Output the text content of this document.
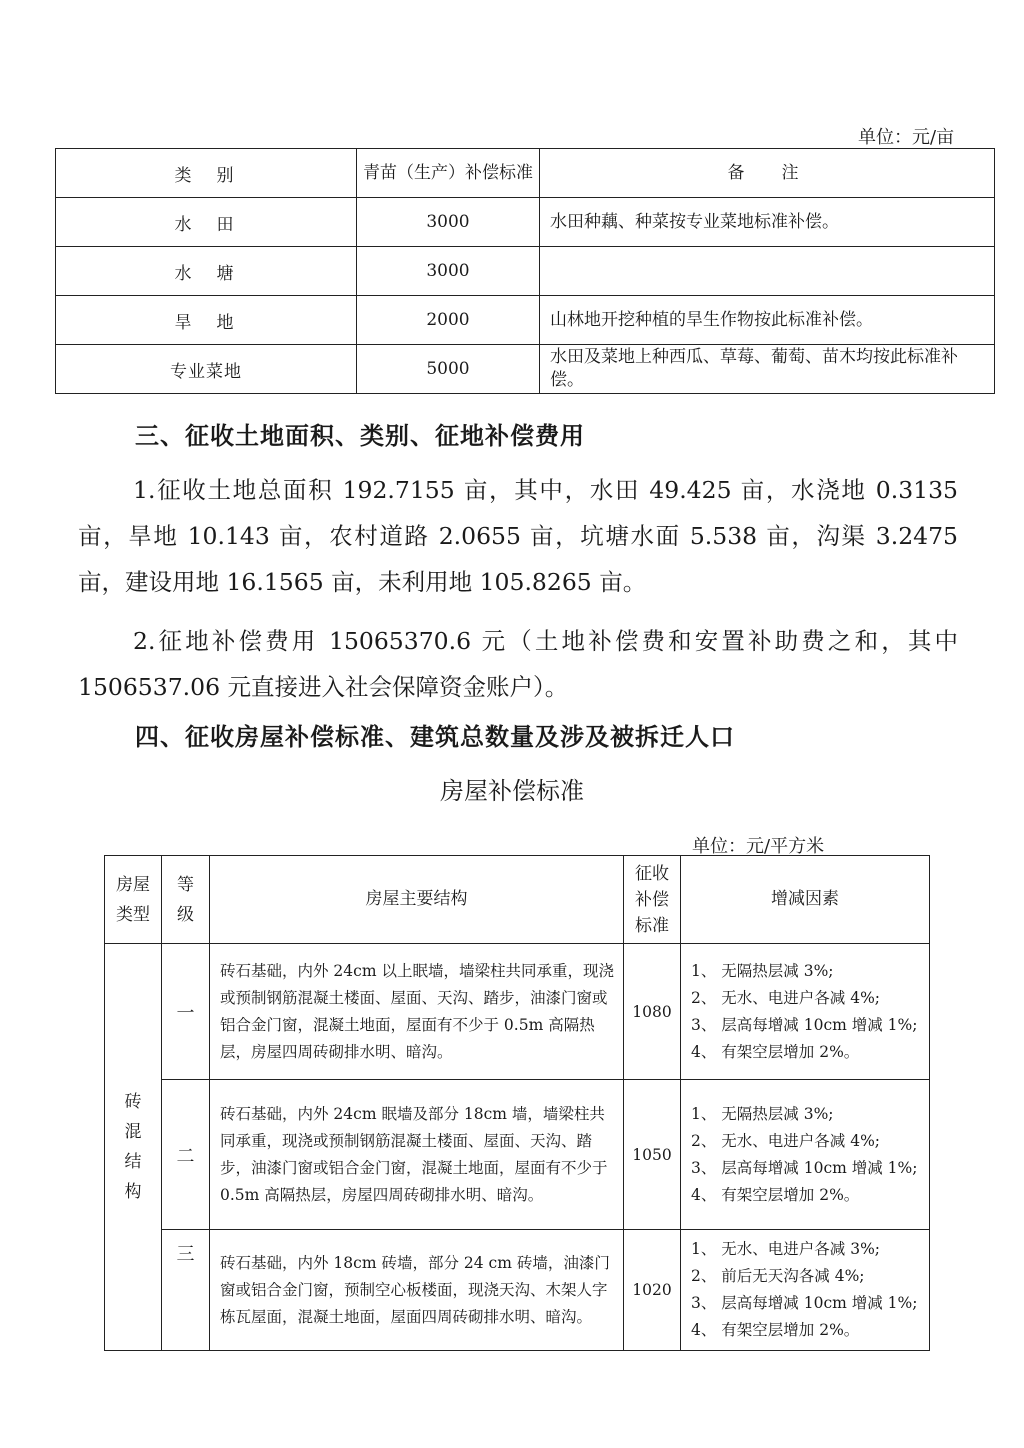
单位：元/亩
类　别	青苗（生产）补偿标准	备　注
水　田	3000	水田种藕、种菜按专业菜地标准补偿。
水　塘	3000	
旱　地	2000	山林地开挖种植的旱生作物按此标准补偿。
专业菜地	5000	水田及菜地上种西瓜、草莓、葡萄、苗木均按此标准补偿。
三、征收土地面积、类别、征地补偿费用
1.征收土地总面积 192.7155 亩，其中，水田 49.425 亩，水浇地 0.3135 亩，旱地 10.143 亩，农村道路 2.0655 亩，坑塘水面 5.538 亩，沟渠 3.2475 亩，建设用地 16.1565 亩，未利用地 105.8265 亩。
2.征地补偿费用 15065370.6 元（土地补偿费和安置补助费之和，其中 1506537.06 元直接进入社会保障资金账户）。
四、征收房屋补偿标准、建筑总数量及涉及被拆迁人口
房屋补偿标准
单位：元/平方米
房屋类型	等级	房屋主要结构	征收补偿标准	增减因素
砖混结构	一	砖石基础，内外 24cm 以上眠墙，墙梁柱共同承重，现浇或预制钢筋混凝土楼面、屋面、天沟、踏步，油漆门窗或铝合金门窗，混凝土地面，屋面有不少于 0.5m 高隔热层，房屋四周砖砌排水明、暗沟。	1080	1、 无隔热层减 3%;
2、 无水、电进户各减 4%;
3、 层高每增减 10cm 增减 1%;
4、 有架空层增加 2%。

	二	砖石基础，内外 24cm 眠墙及部分 18cm 墙，墙梁柱共同承重，现浇或预制钢筋混凝土楼面、屋面、天沟、踏步，油漆门窗或铝合金门窗，混凝土地面，屋面有不少于 0.5m 高隔热层，房屋四周砖砌排水明、暗沟。	1050	1、 无隔热层减 3%;
2、 无水、电进户各减 4%;
3、 层高每增减 10cm 增减 1%;
4、 有架空层增加 2%。

	三	砖石基础，内外 18cm 砖墙，部分 24 cm 砖墙，油漆门窗或铝合金门窗，预制空心板楼面，现浇天沟、木架人字栋瓦屋面，混凝土地面，屋面四周砖砌排水明、暗沟。	1020	1、 无水、电进户各减 3%;
2、 前后无天沟各减 4%;
3、 层高每增减 10cm 增减 1%;
4、 有架空层增加 2%。
